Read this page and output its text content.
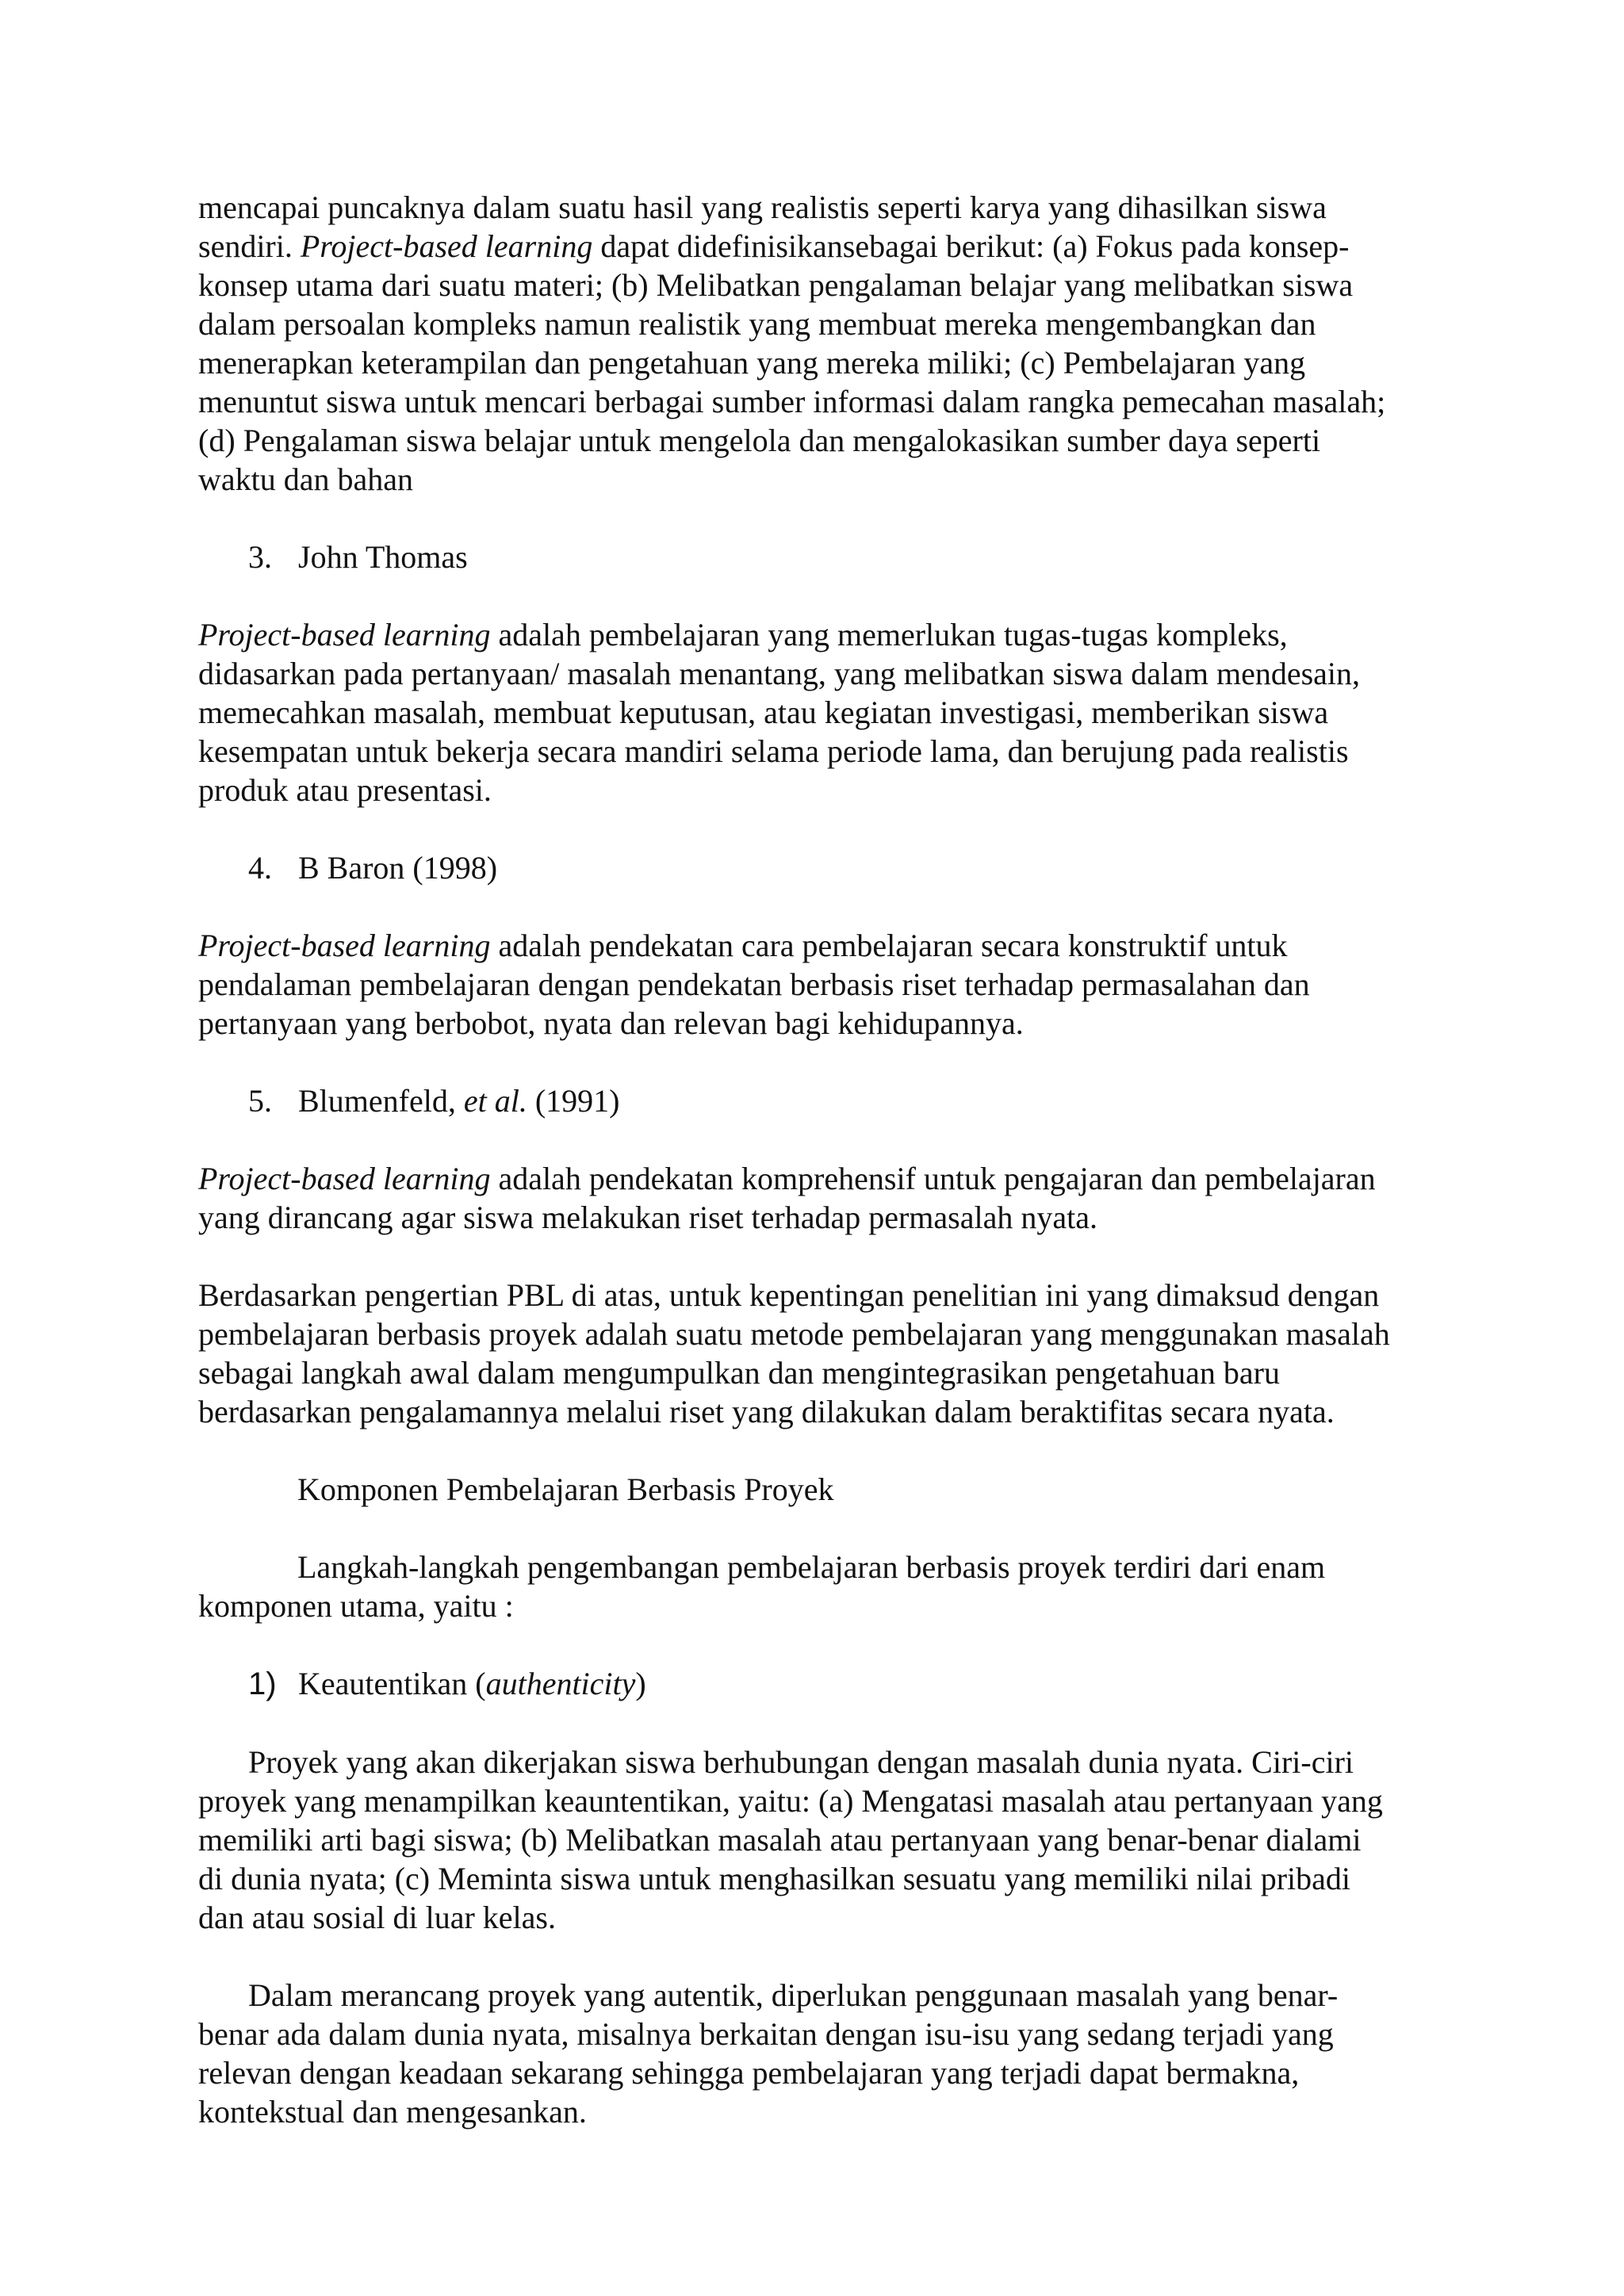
mencapai puncaknya dalam suatu hasil yang realistis seperti karya yang dihasilkan siswa
sendiri. Project-based learning dapat didefinisikansebagai berikut: (a) Fokus pada konsep-
konsep utama dari suatu materi; (b) Melibatkan pengalaman belajar yang melibatkan siswa
dalam persoalan kompleks namun realistik yang membuat mereka mengembangkan dan
menerapkan keterampilan dan pengetahuan yang mereka miliki; (c) Pembelajaran yang
menuntut siswa untuk mencari berbagai sumber informasi dalam rangka pemecahan masalah;
(d) Pengalaman siswa belajar untuk mengelola dan mengalokasikan sumber daya seperti
waktu dan bahan
3. John Thomas
Project-based learning adalah pembelajaran yang memerlukan tugas-tugas kompleks,
didasarkan pada pertanyaan/ masalah menantang, yang melibatkan siswa dalam mendesain,
memecahkan masalah, membuat keputusan, atau kegiatan investigasi, memberikan siswa
kesempatan untuk bekerja secara mandiri selama periode lama, dan berujung pada realistis
produk atau presentasi.
4. B Baron (1998)
Project-based learning adalah pendekatan cara pembelajaran secara konstruktif untuk
pendalaman pembelajaran dengan pendekatan berbasis riset terhadap permasalahan dan
pertanyaan yang berbobot, nyata dan relevan bagi kehidupannya.
5. Blumenfeld, et al. (1991)
Project-based learning adalah pendekatan komprehensif untuk pengajaran dan pembelajaran
yang dirancang agar siswa melakukan riset terhadap permasalah nyata.
Berdasarkan pengertian PBL di atas, untuk kepentingan penelitian ini yang dimaksud dengan
pembelajaran berbasis proyek adalah suatu metode pembelajaran yang menggunakan masalah
sebagai langkah awal dalam mengumpulkan dan mengintegrasikan pengetahuan baru
berdasarkan pengalamannya melalui riset yang dilakukan dalam beraktifitas secara nyata.
Komponen Pembelajaran Berbasis Proyek
Langkah-langkah pengembangan pembelajaran berbasis proyek terdiri dari enam
komponen utama, yaitu :
1) Keautentikan (authenticity)
Proyek yang akan dikerjakan siswa berhubungan dengan masalah dunia nyata. Ciri-ciri
proyek yang menampilkan keauntentikan, yaitu: (a) Mengatasi masalah atau pertanyaan yang
memiliki arti bagi siswa; (b) Melibatkan masalah atau pertanyaan yang benar-benar dialami
di dunia nyata; (c) Meminta siswa untuk menghasilkan sesuatu yang memiliki nilai pribadi
dan atau sosial di luar kelas.
Dalam merancang proyek yang autentik, diperlukan penggunaan masalah yang benar-
benar ada dalam dunia nyata, misalnya berkaitan dengan isu-isu yang sedang terjadi yang
relevan dengan keadaan sekarang sehingga pembelajaran yang terjadi dapat bermakna,
kontekstual dan mengesankan.
